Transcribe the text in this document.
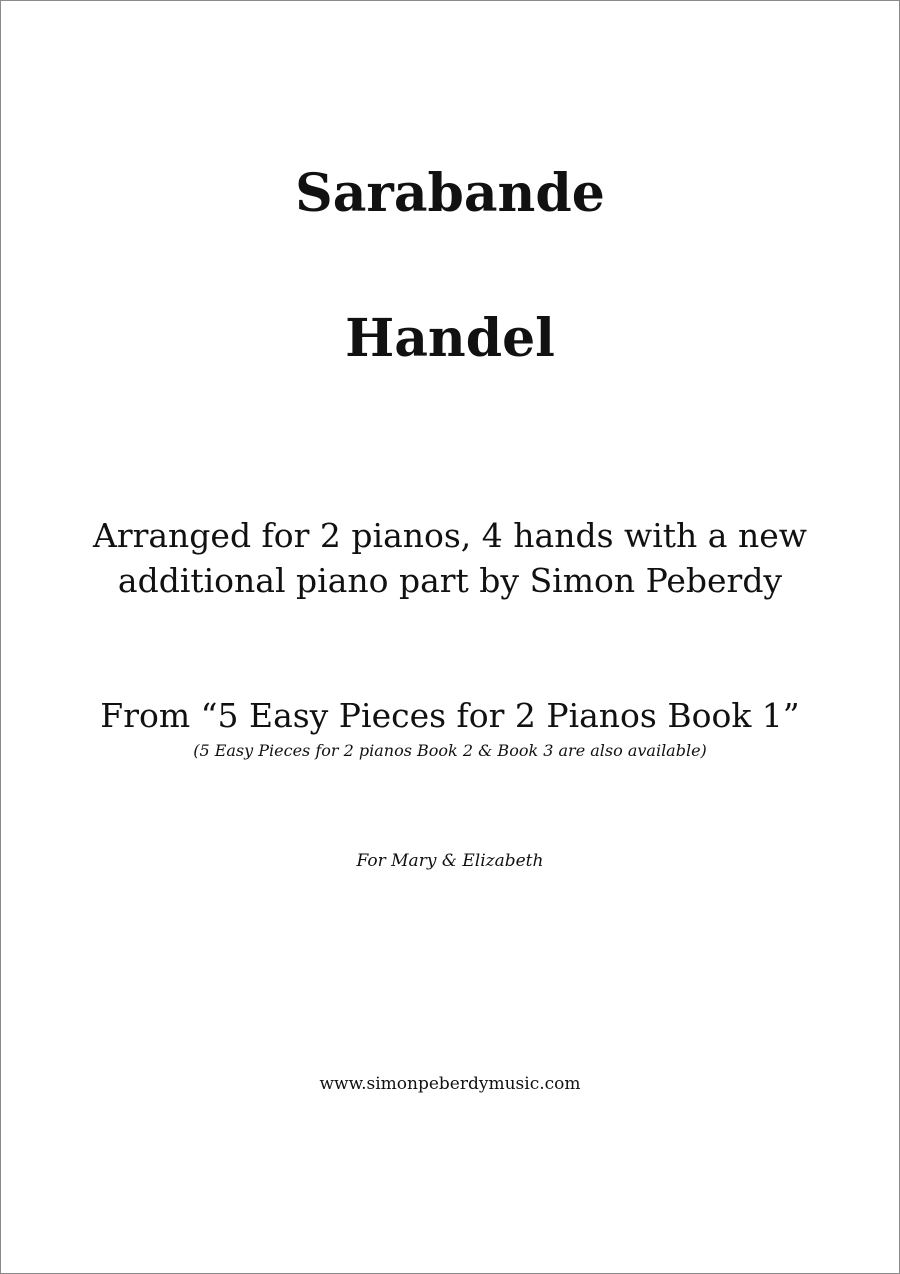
Sarabande
Handel
Arranged for 2 pianos, 4 hands with a new
additional piano part by Simon Peberdy
From “5 Easy Pieces for 2 Pianos Book 1”
(5 Easy Pieces for 2 pianos Book 2 & Book 3 are also available)
For Mary & Elizabeth
www.simonpeberdymusic.com
